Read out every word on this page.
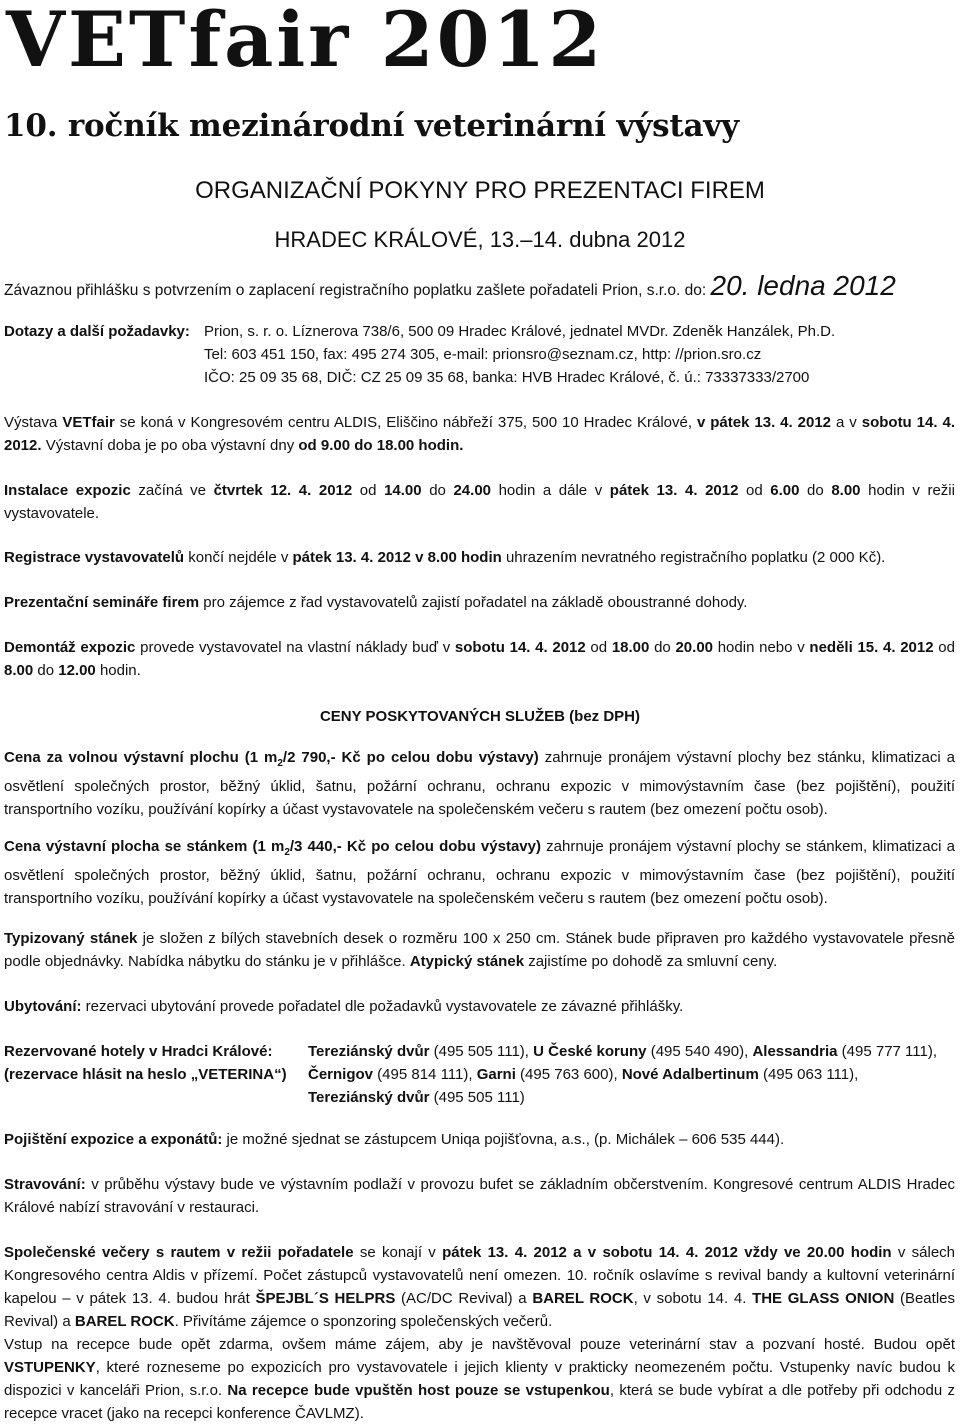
VETfair 2012
10. ročník mezinárodní veterinární výstavy
ORGANIZAČNÍ POKYNY PRO PREZENTACI FIREM
HRADEC KRÁLOVÉ, 13.–14. dubna 2012
Závaznou přihlášku s potvrzením o zaplacení registračního poplatku zašlete pořadateli Prion, s.r.o. do: 20. ledna 2012
Dotazy a další požadavky: Prion, s. r. o. Líznerova 738/6, 500 09 Hradec Králové, jednatel MVDr. Zdeněk Hanzálek, Ph.D.
Tel: 603 451 150, fax: 495 274 305, e-mail: prionsro@seznam.cz, http: //prion.sro.cz
IČO: 25 09 35 68, DIČ: CZ 25 09 35 68, banka: HVB Hradec Králové, č. ú.: 73337333/2700
Výstava VETfair se koná v Kongresovém centru ALDIS, Eliščino nábřeží 375, 500 10 Hradec Králové, v pátek 13. 4. 2012 a v sobotu 14. 4. 2012. Výstavní doba je po oba výstavní dny od 9.00 do 18.00 hodin.
Instalace expozic začíná ve čtvrtek 12. 4. 2012 od 14.00 do 24.00 hodin a dále v pátek 13. 4. 2012 od 6.00 do 8.00 hodin v režii vystavovatele.
Registrace vystavovatelů končí nejdéle v pátek 13. 4. 2012 v 8.00 hodin uhrazením nevratného registračního poplatku (2 000 Kč).
Prezentační semináře firem pro zájemce z řad vystavovatelů zajistí pořadatel na základě oboustranné dohody.
Demontáž expozic provede vystavovatel na vlastní náklady buď v sobotu 14. 4. 2012 od 18.00 do 20.00 hodin nebo v neděli 15. 4. 2012 od 8.00 do 12.00 hodin.
CENY POSKYTOVANÝCH SLUŽEB (bez DPH)
Cena za volnou výstavní plochu (1 $m_2/2$ 790,- Kč po celou dobu výstavy) zahrnuje pronájem výstavní plochy bez stánku, klimatizaci a osvětlení společných prostor, běžný úklid, šatnu, požární ochranu, ochranu expozic v mimovýstavním čase (bez pojištění), použití transportního vozíku, používání kopírky a účast vystavovatele na společenském večeru s rautem (bez omezení počtu osob).
Cena výstavní plocha se stánkem (1 $m_2/3$ 440,- Kč po celou dobu výstavy) zahrnuje pronájem výstavní plochy se stánkem, klimatizaci a osvětlení společných prostor, běžný úklid, šatnu, požární ochranu, ochranu expozic v mimovýstavním čase (bez pojištění), použití transportního vozíku, používání kopírky a účast vystavovatele na společenském večeru s rautem (bez omezení počtu osob).
Typizovaný stánek je složen z bílých stavebních desek o rozměru 100 x 250 cm. Stánek bude připraven pro každého vystavovatele přesně podle objednávky. Nabídka nábytku do stánku je v přihlášce. Atypický stánek zajistíme po dohodě za smluvní ceny.
Ubytování: rezervaci ubytování provede pořadatel dle požadavků vystavovatele ze závazné přihlášky.
Rezervované hotely v Hradci Králové:
(rezervace hlásit na heslo „VETERINA“)
Tereziánský dvůr (495 505 111), U České koruny (495 540 490), Alessandria (495 777 111),
Černigov (495 814 111), Garni (495 763 600), Nové Adalbertinum (495 063 111),
Tereziánský dvůr (495 505 111)
Pojištění expozice a exponátů: je možné sjednat se zástupcem Uniqa pojišťovna, a.s., (p. Michálek – 606 535 444).
Stravování: v průběhu výstavy bude ve výstavním podlaží v provozu bufet se základním občerstvením. Kongresové centrum ALDIS Hradec Králové nabízí stravování v restauraci.

Společenské večery s rautem v režii pořadatele se konají v pátek 13. 4. 2012 a v sobotu 14. 4. 2012 vždy ve 20.00 hodin v sálech Kongresového centra Aldis v přízemí. Počet zástupců vystavovatelů není omezen. 10. ročník oslavíme s revival bandy a kultovní veterinární kapelou – v pátek 13. 4. budou hrát ŠPEJBL´S HELPRS (AC/DC Revival) a BAREL ROCK, v sobotu 14. 4. THE GLASS ONION (Beatles Revival) a BAREL ROCK. Přivítáme zájemce o sponzoring společenských večerů.

Vstup na recepce bude opět zdarma, ovšem máme zájem, aby je navštěvoval pouze veterinární stav a pozvaní hosté. Budou opět VSTUPENKY, které rozneseme po expozicích pro vystavovatele i jejich klienty v prakticky neomezeném počtu. Vstupenky navíc budou k dispozici v kanceláři Prion, s.r.o. Na recepce bude vpuštěn host pouze se vstupenkou, která se bude vybírat a dle potřeby při odchodu z recepce vracet (jako na recepci konference ČAVLMZ).
